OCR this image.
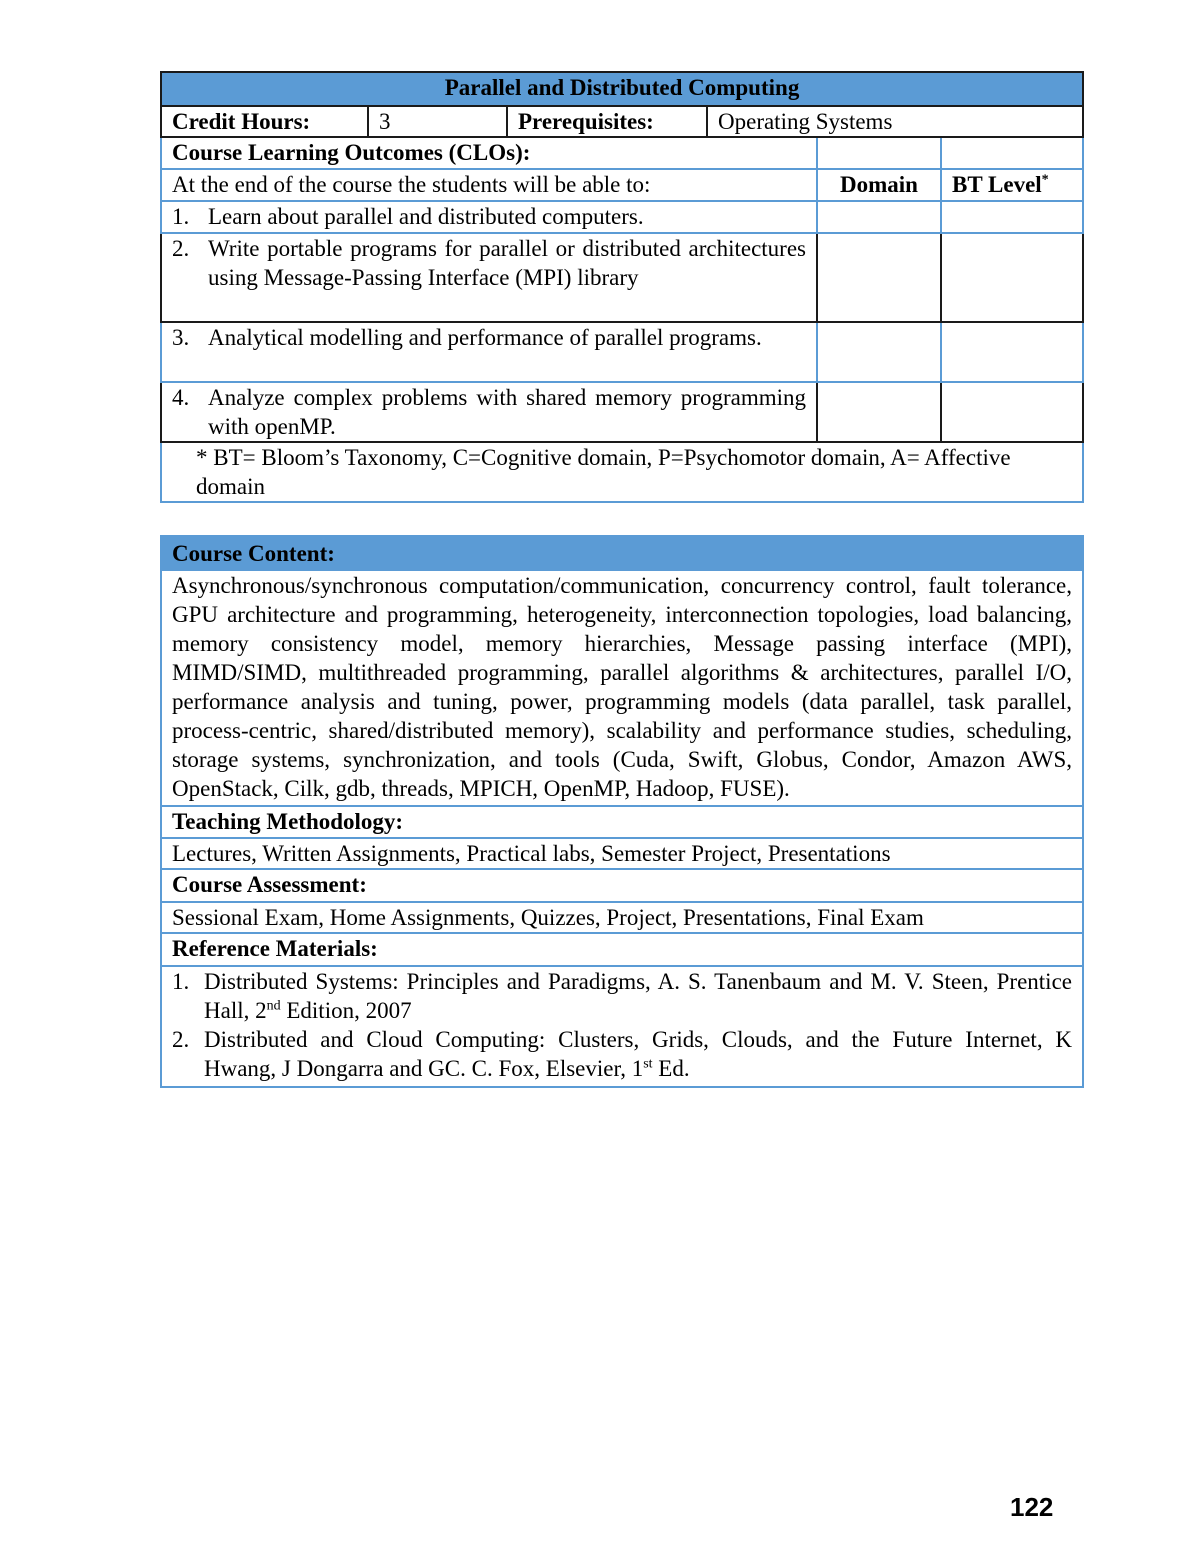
Parallel and Distributed Computing					
Credit Hours:	3	Prerequisites:	Operating Systems		
Course Learning Outcomes (CLOs):					
At the end of the course the students will be able to:				Domain	BT Level*

1. Learn about parallel and distributed computers.					

2. Write portable programs for parallel or distributed architectures using Message-Passing Interface (MPI) library					

3. Analytical modelling and performance of parallel programs.					

4. Analyze complex problems with shared memory programming with openMP.					

* BT= Bloom’s Taxonomy, C=Cognitive domain, P=Psychomotor domain, A= Affective domain					
Course Content:
Asynchronous/synchronous computation/communication, concurrency control, fault tolerance, GPU architecture and programming, heterogeneity, interconnection topologies, load balancing, memory consistency model, memory hierarchies, Message passing interface (MPI), MIMD/SIMD, multithreaded programming, parallel algorithms & architectures, parallel I/O, performance analysis and tuning, power, programming models (data parallel, task parallel, process-centric, shared/distributed memory), scalability and performance studies, scheduling, storage systems, synchronization, and tools (Cuda, Swift, Globus, Condor, Amazon AWS, OpenStack, Cilk, gdb, threads, MPICH, OpenMP, Hadoop, FUSE).
Teaching Methodology:
Lectures, Written Assignments, Practical labs, Semester Project, Presentations
Course Assessment:
Sessional Exam, Home Assignments, Quizzes, Project, Presentations, Final Exam
Reference Materials:

1. Distributed Systems: Principles and Paradigms, A. S. Tanenbaum and M. V. Steen, Prentice Hall, 2nd Edition, 2007
2. Distributed and Cloud Computing: Clusters, Grids, Clouds, and the Future Internet, K Hwang, J Dongarra and GC. C. Fox, Elsevier, 1st Ed.
122
